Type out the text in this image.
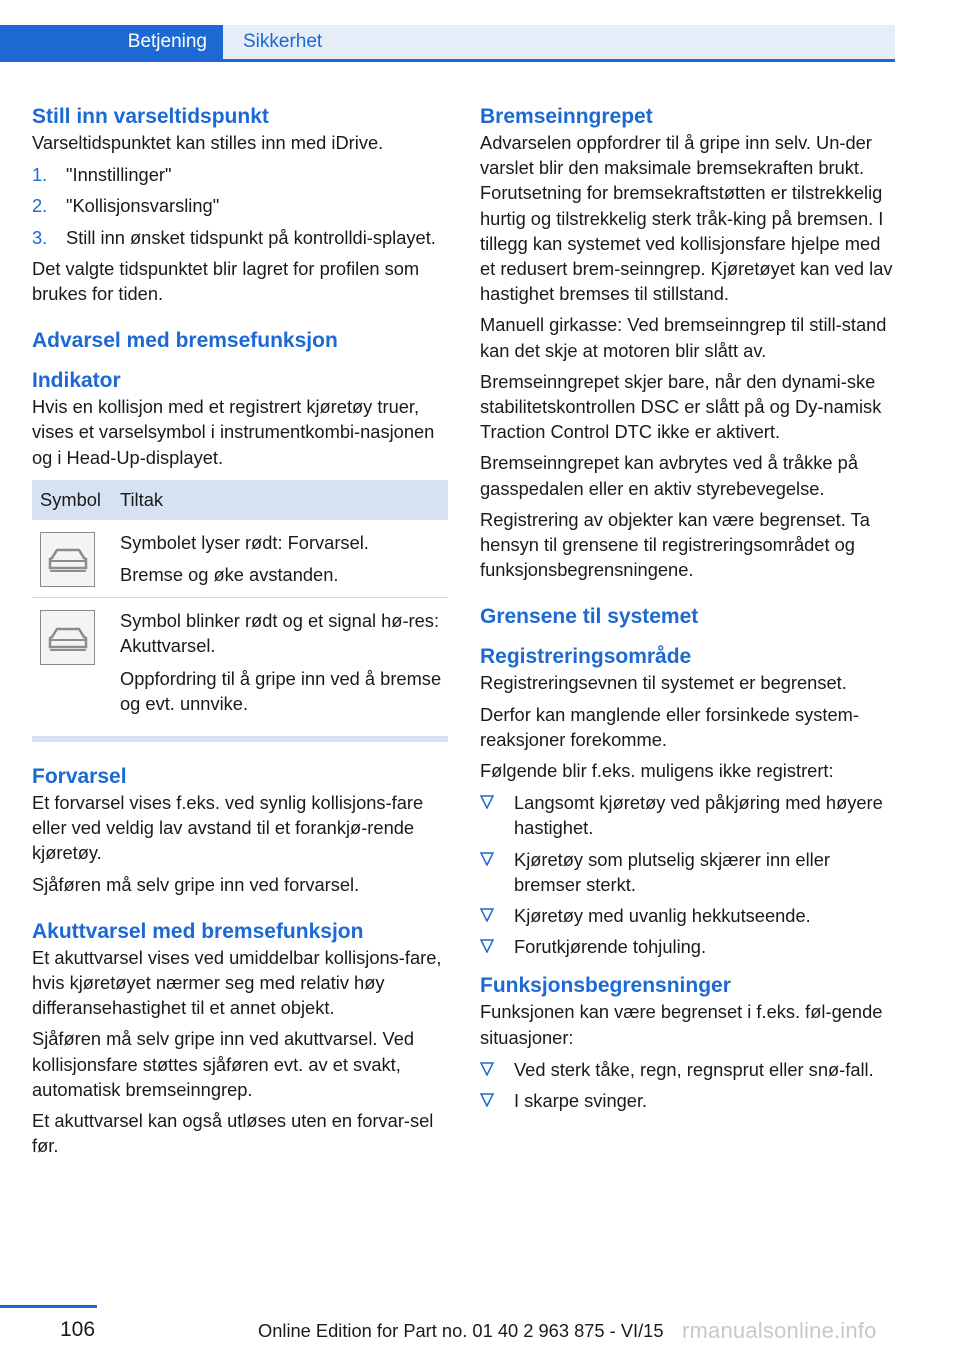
Betjening	Sikkerhet
Still inn varseltidspunkt

Varseltidspunktet kan stilles inn med iDrive.

1. "Innstillinger"
2. "Kollisjonsvarsling"
3. Still inn ønsket tidspunkt på kontrolldi‐splayet.

Det valgte tidspunktet blir lagret for profilen som brukes for tiden.

Advarsel med bremsefunksjon
Indikator

Hvis en kollisjon med et registrert kjøretøy truer, vises et varselsymbol i instrumentkombi‐nasjonen og i Head-Up-displayet.

Symbol	Tiltak

Symbolet lyser rødt: Forvarsel.

Bremse og øke avstanden.

Symbol blinker rødt og et signal hø‐res: Akuttvarsel.

Oppfordring til å gripe inn ved å bremse og evt. unnvike.

Forvarsel

Et forvarsel vises f.eks. ved synlig kollisjons‐fare eller ved veldig lav avstand til et forankjø‐rende kjøretøy.

Sjåføren må selv gripe inn ved forvarsel.

Akuttvarsel med bremsefunksjon

Et akuttvarsel vises ved umiddelbar kollisjons‐fare, hvis kjøretøyet nærmer seg med relativ høy differansehastighet til et annet objekt.

Sjåføren må selv gripe inn ved akuttvarsel. Ved kollisjonsfare støttes sjåføren evt. av et svakt, automatisk bremseinngrep.

Et akuttvarsel kan også utløses uten en forvar‐sel før.

Bremseinngrepet

Advarselen oppfordrer til å gripe inn selv. Un‐der varslet blir den maksimale bremsekraften brukt. Forutsetning for bremsekraftstøtten er tilstrekkelig hurtig og tilstrekkelig sterk tråk‐king på bremsen. I tillegg kan systemet ved kollisjonsfare hjelpe med et redusert brem‐seinngrep. Kjøretøyet kan ved lav hastighet bremses til stillstand.

Manuell girkasse: Ved bremseinngrep til still‐stand kan det skje at motoren blir slått av.

Bremseinngrepet skjer bare, når den dynami‐ske stabilitetskontrollen DSC er slått på og Dy‐namisk Traction Control DTC ikke er aktivert.

Bremseinngrepet kan avbrytes ved å tråkke på gasspedalen eller en aktiv styrebevegelse.

Registrering av objekter kan være begrenset. Ta hensyn til grensene til registreringsområdet og funksjonsbegrensningene.

Grensene til systemet
Registreringsområde

Registreringsevnen til systemet er begrenset.

Derfor kan manglende eller forsinkede system‐reaksjoner forekomme.

Følgende blir f.eks. muligens ikke registrert:

Langsomt kjøretøy ved påkjøring med høyere hastighet.
Kjøretøy som plutselig skjærer inn eller bremser sterkt.
Kjøretøy med uvanlig hekkutseende.
Forutkjørende tohjuling.
Funksjonsbegrensninger

Funksjonen kan være begrenset i f.eks. føl‐gende situasjoner:

Ved sterk tåke, regn, regnsprut eller snø‐fall.
I skarpe svinger.
106	Online Edition for Part no. 01 40 2 963 875 - VI/15 rmanualsonline.info
